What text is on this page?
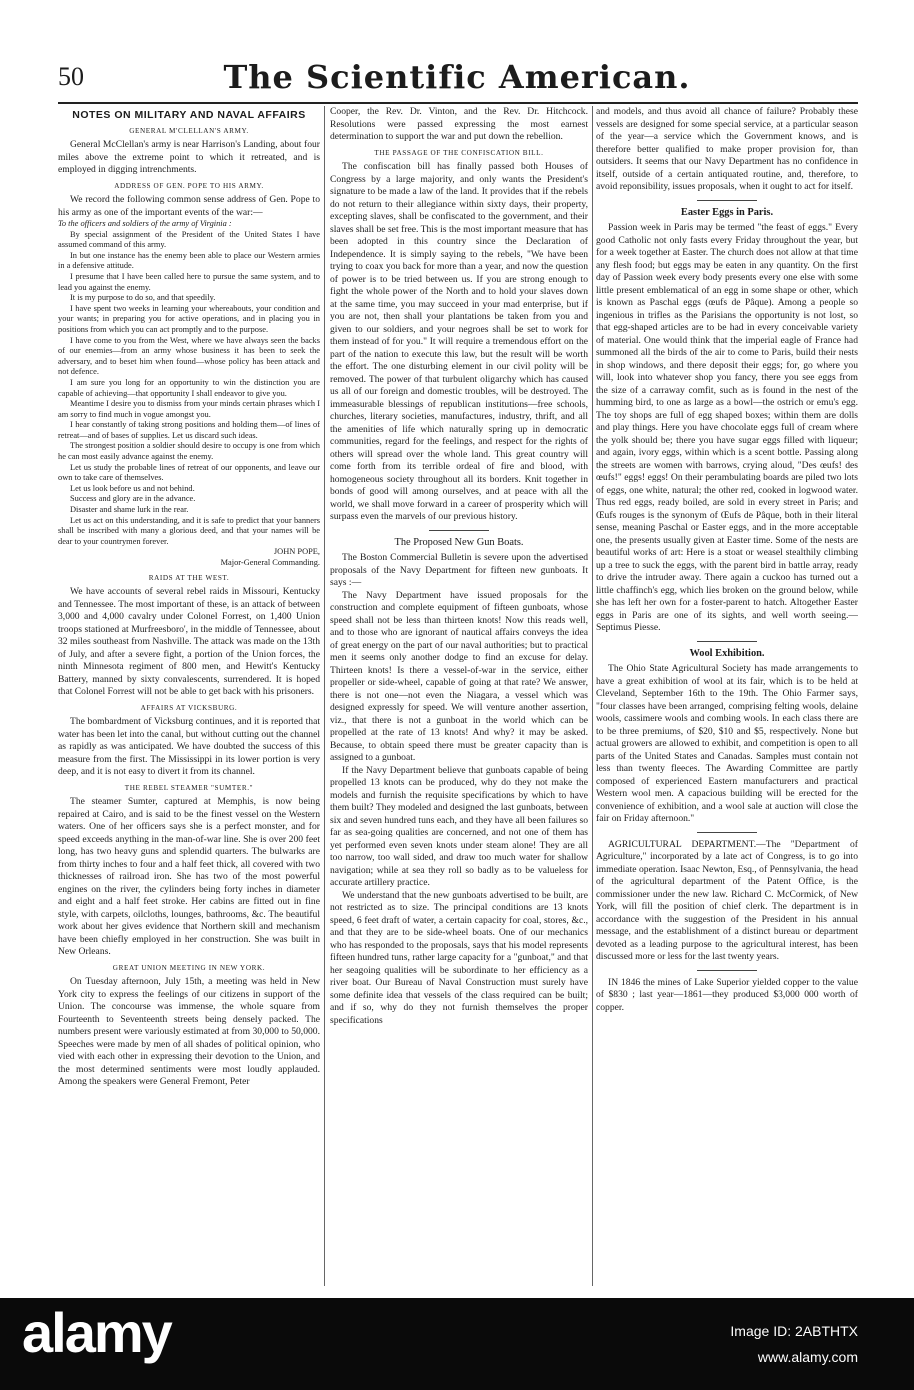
50	The Scientific American.
NOTES ON MILITARY AND NAVAL AFFAIRS
GENERAL M'CLELLAN'S ARMY.

General McClellan's army is near Harrison's Landing, about four miles above the extreme point to which it retreated, and is employed in digging intrenchments.

ADDRESS OF GEN. POPE TO HIS ARMY.

We record the following common sense address of Gen. Pope to his army as one of the important events of the war:—

To the officers and soldiers of the army of Virginia :

By special assignment of the President of the United States I have assumed command of this army.

In but one instance has the enemy been able to place our Western armies in a defensive attitude.

I presume that I have been called here to pursue the same system, and to lead you against the enemy.

It is my purpose to do so, and that speedily.

I have spent two weeks in learning your whereabouts, your condition and your wants; in preparing you for active operations, and in placing you in positions from which you can act promptly and to the purpose.

I have come to you from the West, where we have always seen the backs of our enemies—from an army whose business it has been to seek the adversary, and to beset him when found—whose policy has been attack and not defence.

I am sure you long for an opportunity to win the distinction you are capable of achieving—that opportunity I shall endeavor to give you.

Meantime I desire you to dismiss from your minds certain phrases which I am sorry to find much in vogue amongst you.

I hear constantly of taking strong positions and holding them—of lines of retreat—and of bases of supplies. Let us discard such ideas.

The strongest position a soldier should desire to occupy is one from which he can most easily advance against the enemy.

Let us study the probable lines of retreat of our opponents, and leave our own to take care of themselves.

Let us look before us and not behind.

Success and glory are in the advance.

Disaster and shame lurk in the rear.

Let us act on this understanding, and it is safe to predict that your banners shall be inscribed with many a glorious deed, and that your names will be dear to your countrymen forever.

JOHN POPE,

Major-General Commanding.

RAIDS AT THE WEST.

We have accounts of several rebel raids in Missouri, Kentucky and Tennessee. The most important of these, is an attack of between 3,000 and 4,000 cavalry under Colonel Forrest, on 1,400 Union troops stationed at Murfreesboro', in the middle of Tennessee, about 32 miles southeast from Nashville. The attack was made on the 13th of July, and after a severe fight, a portion of the Union forces, the ninth Minnesota regiment of 800 men, and Hewitt's Kentucky Battery, manned by sixty convalescents, surrendered. It is hoped that Colonel Forrest will not be able to get back with his prisoners.

AFFAIRS AT VICKSBURG.

The bombardment of Vicksburg continues, and it is reported that water has been let into the canal, but without cutting out the channel as rapidly as was anticipated. We have doubted the success of this measure from the first. The Mississippi in its lower portion is very deep, and it is not easy to divert it from its channel.

THE REBEL STEAMER "SUMTER."

The steamer Sumter, captured at Memphis, is now being repaired at Cairo, and is said to be the finest vessel on the Western waters. One of her officers says she is a perfect monster, and for speed exceeds anything in the man-of-war line. She is over 200 feet long, has two heavy guns and splendid quarters. The bulwarks are from thirty inches to four and a half feet thick, all covered with two thicknesses of railroad iron. She has two of the most powerful engines on the river, the cylinders being forty inches in diameter and eight and a half feet stroke. Her cabins are fitted out in fine style, with carpets, oilcloths, lounges, bathrooms, &c. The beautiful work about her gives evidence that Northern skill and mechanism have been chiefly employed in her construction. She was built in New Orleans.

GREAT UNION MEETING IN NEW YORK.

On Tuesday afternoon, July 15th, a meeting was held in New York city to express the feelings of our citizens in support of the Union. The concourse was immense, the whole square from Fourteenth to Seventeenth streets being densely packed. The numbers present were variously estimated at from 30,000 to 50,000. Speeches were made by men of all shades of political opinion, who vied with each other in expressing their devotion to the Union, and the most determined sentiments were most loudly applauded. Among the speakers were General Fremont, Peter

Cooper, the Rev. Dr. Vinton, and the Rev. Dr. Hitchcock. Resolutions were passed expressing the most earnest determination to support the war and put down the rebellion.

THE PASSAGE OF THE CONFISCATION BILL.

The confiscation bill has finally passed both Houses of Congress by a large majority, and only wants the President's signature to be made a law of the land. It provides that if the rebels do not return to their allegiance within sixty days, their property, excepting slaves, shall be confiscated to the government, and their slaves shall be set free. This is the most important measure that has been adopted in this country since the Declaration of Independence. It is simply saying to the rebels, "We have been trying to coax you back for more than a year, and now the question of power is to be tried between us. If you are strong enough to fight the whole power of the North and to hold your slaves down at the same time, you may succeed in your mad enterprise, but if you are not, then shall your plantations be taken from you and given to our soldiers, and your negroes shall be set to work for them instead of for you." It will require a tremendous effort on the part of the nation to execute this law, but the result will be worth the effort. The one disturbing element in our civil polity will be removed. The power of that turbulent oligarchy which has caused us all of our foreign and domestic troubles, will be destroyed. The immeasurable blessings of republican institutions—free schools, churches, literary societies, manufactures, industry, thrift, and all the amenities of life which naturally spring up in democratic communities, regard for the feelings, and respect for the rights of others will spread over the whole land. This great country will come forth from its terrible ordeal of fire and blood, with homogeneous society throughout all its borders. Knit together in bonds of good will among ourselves, and at peace with all the world, we shall move forward in a career of prosperity which will surpass even the marvels of our previous history.

The Proposed New Gun Boats.

The Boston Commercial Bulletin is severe upon the advertised proposals of the Navy Department for fifteen new gunboats. It says :—

The Navy Department have issued proposals for the construction and complete equipment of fifteen gunboats, whose speed shall not be less than thirteen knots! Now this reads well, and to those who are ignorant of nautical affairs conveys the idea of great energy on the part of our naval authorities; but to practical men it seems only another dodge to find an excuse for delay. Thirteen knots! Is there a vessel-of-war in the service, either propeller or side-wheel, capable of going at that rate? We answer, there is not one—not even the Niagara, a vessel which was designed expressly for speed. We will venture another assertion, viz., that there is not a gunboat in the world which can be propelled at the rate of 13 knots! And why? it may be asked. Because, to obtain speed there must be greater capacity than is assigned to a gunboat.

If the Navy Department believe that gunboats capable of being propelled 13 knots can be produced, why do they not make the models and furnish the requisite specifications by which to have them built? They modeled and designed the last gunboats, between six and seven hundred tuns each, and they have all been failures so far as sea-going qualities are concerned, and not one of them has yet performed even seven knots under steam alone! They are all too narrow, too wall sided, and draw too much water for shallow navigation; while at sea they roll so badly as to be valueless for accurate artillery practice.

We understand that the new gunboats advertised to be built, are not restricted as to size. The principal conditions are 13 knots speed, 6 feet draft of water, a certain capacity for coal, stores, &c., and that they are to be side-wheel boats. One of our mechanics who has responded to the proposals, says that his model represents fifteen hundred tuns, rather large capacity for a "gunboat," and that her seagoing qualities will be subordinate to her efficiency as a river boat. Our Bureau of Naval Construction must surely have some definite idea that vessels of the class required can be built; and if so, why do they not furnish themselves the proper specifications

and models, and thus avoid all chance of failure? Probably these vessels are designed for some special service, at a particular season of the year—a service which the Government knows, and is therefore better qualified to make proper provision for, than outsiders. It seems that our Navy Department has no confidence in itself, outside of a certain antiquated routine, and, therefore, to avoid reponsibility, issues proposals, when it ought to act for itself.

Easter Eggs in Paris.

Passion week in Paris may be termed "the feast of eggs." Every good Catholic not only fasts every Friday throughout the year, but for a week together at Easter. The church does not allow at that time any flesh food; but eggs may be eaten in any quantity. On the first day of Passion week every body presents every one else with some little present emblematical of an egg in some shape or other, which is known as Paschal eggs (œufs de Pâque). Among a people so ingenious in trifles as the Parisians the opportunity is not lost, so that egg-shaped articles are to be had in every conceivable variety of material. One would think that the imperial eagle of France had summoned all the birds of the air to come to Paris, build their nests in shop windows, and there deposit their eggs; for, go where you will, look into whatever shop you fancy, there you see eggs from the size of a carraway comfit, such as is found in the nest of the humming bird, to one as large as a bowl—the ostrich or emu's egg. The toy shops are full of egg shaped boxes; within them are dolls and play things. Here you have chocolate eggs full of cream where the yolk should be; there you have sugar eggs filled with liqueur; and again, ivory eggs, within which is a scent bottle. Passing along the streets are women with barrows, crying aloud, "Des œufs! des œufs!" eggs! eggs! On their perambulating boards are piled two lots of eggs, one white, natural; the other red, cooked in logwood water. Thus red eggs, ready boiled, are sold in every street in Paris; and Œufs rouges is the synonym of Œufs de Pâque, both in their literal sense, meaning Paschal or Easter eggs, and in the more acceptable one, the presents usually given at Easter time. Some of the nests are beautiful works of art: Here is a stoat or weasel stealthily climbing up a tree to suck the eggs, with the parent bird in battle array, ready to drive the intruder away. There again a cuckoo has turned out a little chaffinch's egg, which lies broken on the ground below, while she has left her own for a foster-parent to hatch. Altogether Easter eggs in Paris are one of its sights, and well worth seeing.—Septimus Piesse.

Wool Exhibition.

The Ohio State Agricultural Society has made arrangements to have a great exhibition of wool at its fair, which is to be held at Cleveland, September 16th to the 19th. The Ohio Farmer says, "four classes have been arranged, comprising felting wools, delaine wools, cassimere wools and combing wools. In each class there are to be three premiums, of $20, $10 and $5, respectively. None but actual growers are allowed to exhibit, and competition is open to all parts of the United States and Canadas. Samples must contain not less than twenty fleeces. The Awarding Committee are partly composed of experienced Eastern manufacturers and practical Western wool men. A capacious building will be erected for the convenience of exhibition, and a wool sale at auction will close the fair on Friday afternoon."

AGRICULTURAL DEPARTMENT.—The "Department of Agriculture," incorporated by a late act of Congress, is to go into immediate operation. Isaac Newton, Esq., of Pennsylvania, the head of the agricultural department of the Patent Office, is the commissioner under the new law. Richard C. McCormick, of New York, will fill the position of chief clerk. The department is in accordance with the suggestion of the President in his annual message, and the establishment of a distinct bureau or department devoted as a leading purpose to the agricultural interest, has been discussed more or less for the last twenty years.

IN 1846 the mines of Lake Superior yielded copper to the value of $830 ; last year—1861—they produced $3,000 000 worth of copper.

alamy	Image ID: 2ABTHTX
www.alamy.com
